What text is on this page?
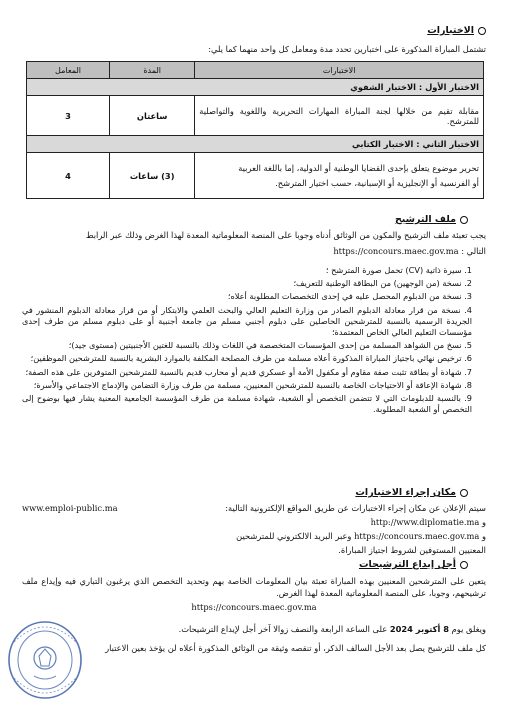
الاختبارات
تشتمل المباراة المذكورة على اختبارين تحدد مدة ومعامل كل واحد منهما كما يلي:
الاختبارات	المدة	المعامل
الاختبار الأول : الاختبار الشفوي		
مقابلة تقيم من خلالها لجنة المباراة المهارات التحريرية واللغوية والتواصلية للمترشح.	ساعتان	3
الاختبار الثاني : الاختبار الكتابي		

تحرير موضوع يتعلق بإحدى القضايا الوطنية أو الدولية، إما باللغة العربية
أو الفرنسية أو الإنجليزية أو الإسبانية، حسب اختيار المترشح.	(3) ساعات	4
ملف الترشيح
يجب تعبئة ملف الترشيح والمكون من الوثائق أدناه وجوبا على المنصة المعلوماتية المعدة لهذا الغرض وذلك عبر الرابط
التالي : https://concours.maec.gov.ma
1. سيرة ذاتية (CV) تحمل صورة المترشح ؛
2. نسخة (من الوجهين) من البطاقة الوطنية للتعريف؛
3. نسخة من الدبلوم المحصل عليه في إحدى التخصصات المطلوبة أعلاه؛
4. نسخة من قرار معادلة الدبلوم الصادر من وزارة التعليم العالي والبحث العلمي والابتكار أو من قرار معادلة الدبلوم المنشور في الجريدة الرسمية بالنسبة للمترشحين الحاصلين على دبلوم أجنبي مسلم من جامعة أجنبية أو على دبلوم مسلم من طرف إحدى مؤسسات التعليم العالي الخاص المعتمدة؛
5. نسخ من الشواهد المسلمة من إحدى المؤسسات المتخصصة في اللغات وذلك بالنسبة للغتين الأجنبيتين (مستوى جيد)؛
6. ترخيص نهائي باجتياز المباراة المذكورة أعلاه مسلمة من طرف المصلحة المكلفة بالموارد البشرية بالنسبة للمترشحين الموظفين؛
7. شهادة أو بطاقة تثبت صفة مقاوم أو مكفول الأمة أو عسكري قديم أو محارب قديم بالنسبة للمترشحين المتوفرين على هذه الصفة؛
8. شهادة الإعاقة أو الاحتياجات الخاصة بالنسبة للمترشحين المعنيين، مسلمة من طرف وزارة التضامن والإدماج الاجتماعي والأسرة؛
9. بالنسبة للدبلومات التي لا تتضمن التخصص أو الشعبة، شهادة مسلمة من طرف المؤسسة الجامعية المعنية يشار فيها بوضوح إلى التخصص أو الشعبة المطلوبة.
مكان إجراء الاختبارات
سيتم الإعلان عن مكان إجراء الاختبارات عن طريق المواقع الإلكترونية التالية:
www.emploi-public.ma
و http://www.diplomatie.ma
و https://concours.maec.gov.ma وعبر البريد الالكتروني للمترشحين
المعنيين المستوفين لشروط اجتياز المباراة.
أجل إيداع الترشيحات
يتعين على المترشحين المعنيين بهذه المباراة تعبئة بيان المعلومات الخاصة بهم وتحديد التخصص الذي يرغبون التباري فيه وإيداع ملف ترشيحهم، وجوبا، على المنصة المعلوماتية المعدة لهذا الغرض.
https://concours.maec.gov.ma
ويغلق يوم 8 أكتوبر 2024 على الساعة الرابعة والنصف زوالا آخر أجل لإيداع الترشيحات.
كل ملف للترشيح يصل بعد الأجل السالف الذكر، أو تنقصه وثيقة من الوثائق المذكورة أعلاه لن يؤخذ بعين الاعتبار
